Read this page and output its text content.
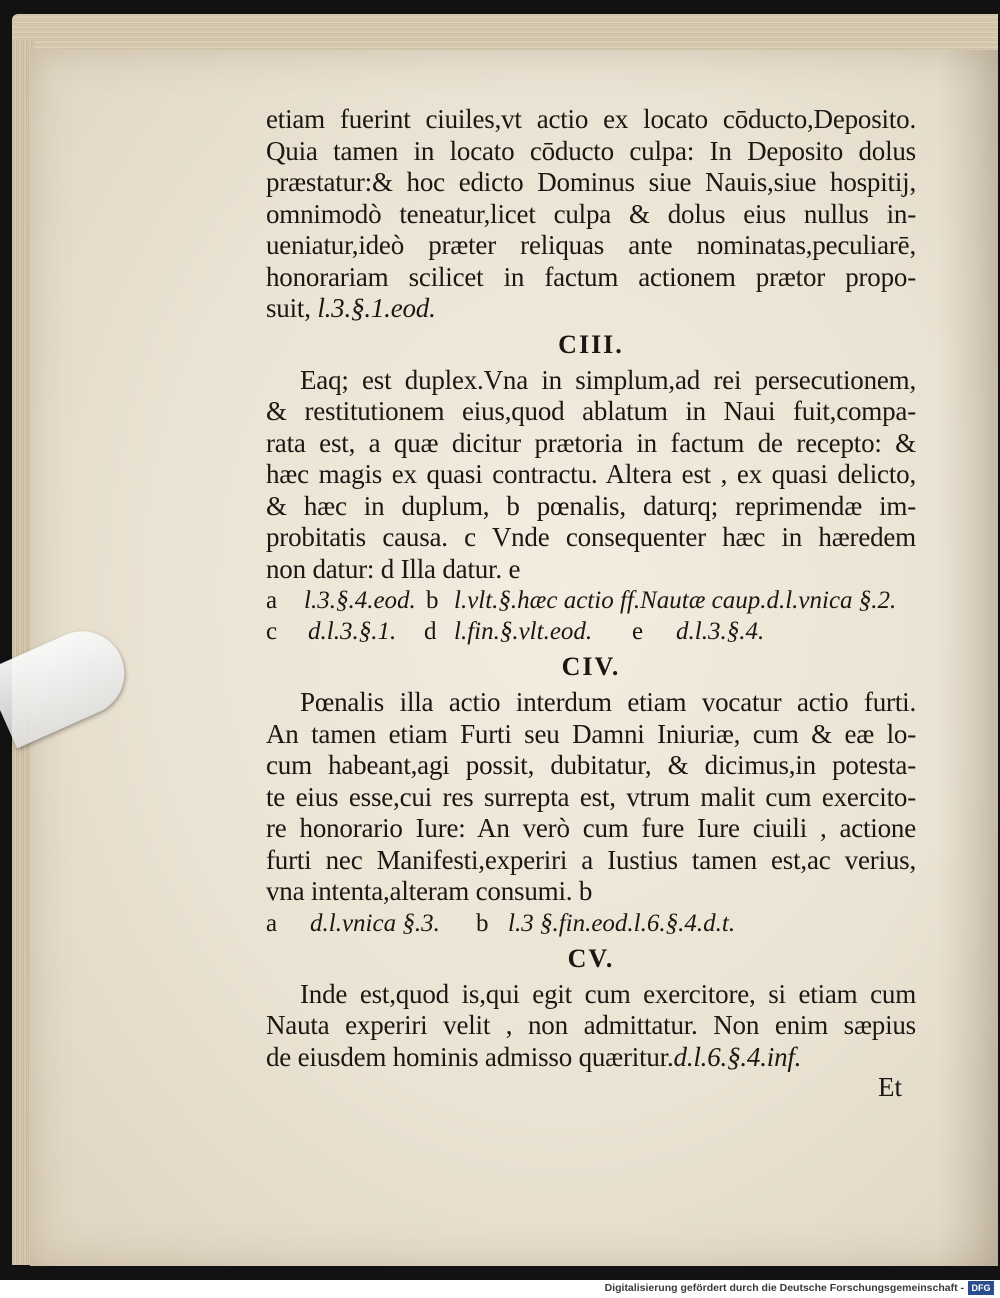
etiam fuerint ciuiles,vt actio ex locato cōducto,Deposito.
Quia tamen in locato cōducto culpa: In Deposito dolus
præstatur:& hoc edicto Dominus siue Nauis,siue hospitij,
omnimodò teneatur,licet culpa & dolus eius nullus in-
ueniatur,ideò præter reliquas ante nominatas,peculiarē,
honorariam scilicet in factum actionem prætor propo-
suit, l.3.§.1.eod.
CIII.
Eaq; est duplex.Vna in simplum,ad rei persecutionem,
& restitutionem eius,quod ablatum in Naui fuit,compa-
rata est, a quæ dicitur prætoria in factum de recepto: &
hæc magis ex quasi contractu. Altera est , ex quasi delicto,
& hæc in duplum, b pœnalis, daturq; reprimendæ im-
probitatis causa. c Vnde consequenter hæc in hæredem
non datur: d Illa datur. e
a l.3.§.4.eod. b l.vlt.§.hæc actio ff.Nautæ caup.d.l.vnica §.2.
c d.l.3.§.1. d l.fin.§.vlt.eod. e d.l.3.§.4.
CIV.
Pœnalis illa actio interdum etiam vocatur actio furti.
An tamen etiam Furti seu Damni Iniuriæ, cum & eæ lo-
cum habeant,agi possit, dubitatur, & dicimus,in potesta-
te eius esse,cui res surrepta est, vtrum malit cum exercito-
re honorario Iure: An verò cum fure Iure ciuili , actione
furti nec Manifesti,experiri a Iustius tamen est,ac verius,
vna intenta,alteram consumi. b
a d.l.vnica §.3. b l.3 §.fin.eod.l.6.§.4.d.t.
CV.
Inde est,quod is,qui egit cum exercitore, si etiam cum
Nauta experiri velit , non admittatur. Non enim sæpius
de eiusdem hominis admisso quæritur.d.l.6.§.4.inf.
Et
Digitalisierung gefördert durch die Deutsche Forschungsgemeinschaft - DFG
